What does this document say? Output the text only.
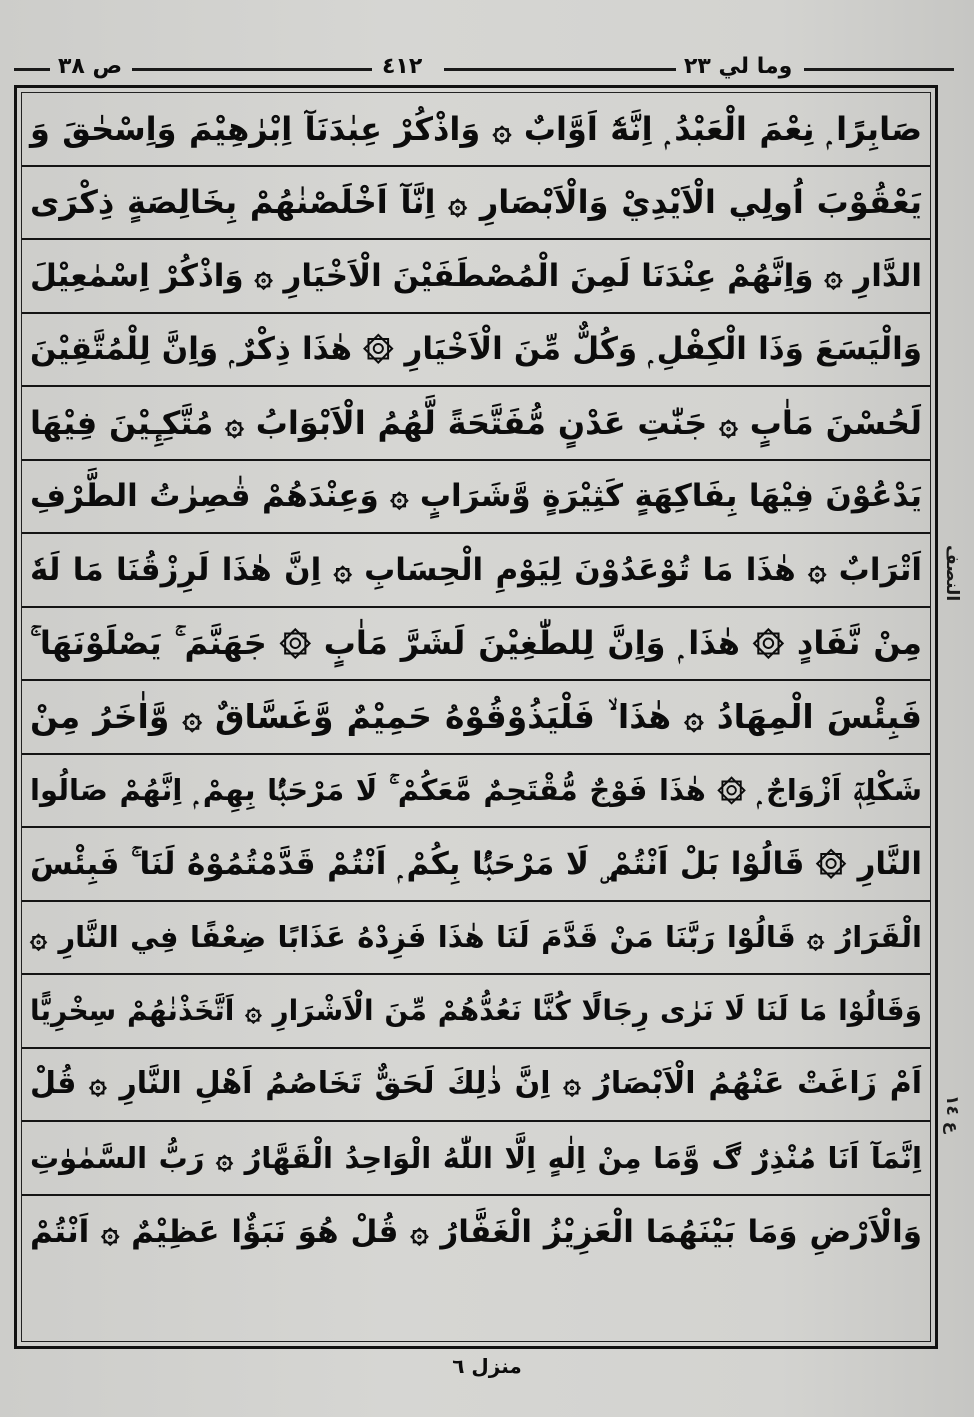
ص ٣٨	٤١٢	وما لي ٢٣
صَابِرًا ۭ نِعْمَ الْعَبْدُ ۭ اِنَّهٗٓ اَوَّابٌ ۞ وَاذْكُرْ عِبٰدَنَآ اِبْرٰهِيْمَ وَاِسْحٰقَ وَ
يَعْقُوْبَ اُولِي الْاَيْدِيْ وَالْاَبْصَارِ ۞ اِنَّآ اَخْلَصْنٰهُمْ بِخَالِصَةٍ ذِكْرَى
الدَّارِ ۞ وَاِنَّهُمْ عِنْدَنَا لَمِنَ الْمُصْطَفَيْنَ الْاَخْيَارِ ۞ وَاذْكُرْ اِسْمٰعِيْلَ
وَالْيَسَعَ وَذَا الْكِفْلِ ۭ وَكُلٌّ مِّنَ الْاَخْيَارِ ۞ هٰذَا ذِكْرٌ ۭ وَاِنَّ لِلْمُتَّقِيْنَ
لَحُسْنَ مَاٰبٍ ۞ جَنّٰتِ عَدْنٍ مُّفَتَّحَةً لَّهُمُ الْاَبْوَابُ ۞ مُتَّكِـِٕيْنَ فِيْهَا
يَدْعُوْنَ فِيْهَا بِفَاكِهَةٍ كَثِيْرَةٍ وَّشَرَابٍ ۞ وَعِنْدَهُمْ قٰصِرٰتُ الطَّرْفِ
اَتْرَابٌ ۞ هٰذَا مَا تُوْعَدُوْنَ لِيَوْمِ الْحِسَابِ ۞ اِنَّ هٰذَا لَرِزْقُنَا مَا لَهٗ
مِنْ نَّفَادٍ ۞ هٰذَا ۭ وَاِنَّ لِلطّٰغِيْنَ لَشَرَّ مَاٰبٍ ۞ جَهَنَّمَ ۚ يَصْلَوْنَهَا ۚ
فَبِئْسَ الْمِهَادُ ۞ هٰذَا ۙ فَلْيَذُوْقُوْهُ حَمِيْمٌ وَّغَسَّاقٌ ۞ وَّاٰخَرُ مِنْ
شَكْلِهٖٓ اَزْوَاجٌ ۭ ۞ هٰذَا فَوْجٌ مُّقْتَحِمٌ مَّعَكُمْ ۚ لَا مَرْحَبًۢا بِهِمْ ۭ اِنَّهُمْ صَالُوا
النَّارِ ۞ قَالُوْا بَلْ اَنْتُمْ ۣ لَا مَرْحَبًۢا بِكُمْ ۭ اَنْتُمْ قَدَّمْتُمُوْهُ لَنَا ۚ فَبِئْسَ
الْقَرَارُ ۞ قَالُوْا رَبَّنَا مَنْ قَدَّمَ لَنَا هٰذَا فَزِدْهُ عَذَابًا ضِعْفًا فِي النَّارِ ۞
وَقَالُوْا مَا لَنَا لَا نَرٰى رِجَالًا كُنَّا نَعُدُّهُمْ مِّنَ الْاَشْرَارِ ۞ اَتَّخَذْنٰهُمْ سِخْرِيًّا
اَمْ زَاغَتْ عَنْهُمُ الْاَبْصَارُ ۞ اِنَّ ذٰلِكَ لَحَقٌّ تَخَاصُمُ اَهْلِ النَّارِ ۞ قُلْ
اِنَّمَآ اَنَا مُنْذِرٌ ڰ وَّمَا مِنْ اِلٰهٍ اِلَّا اللّٰهُ الْوَاحِدُ الْقَهَّارُ ۞ رَبُّ السَّمٰوٰتِ
وَالْاَرْضِ وَمَا بَيْنَهُمَا الْعَزِيْزُ الْغَفَّارُ ۞ قُلْ هُوَ نَبَؤٌا عَظِيْمٌ ۞ اَنْتُمْ
النصف
ع ١٤
منزل ٦
